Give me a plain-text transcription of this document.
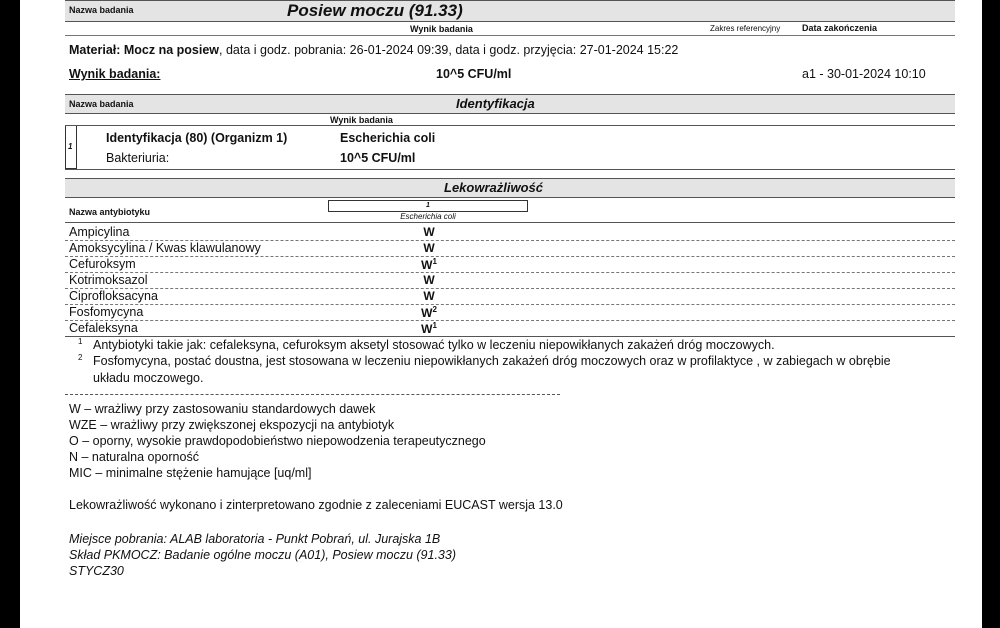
Nazwa badania	Posiew moczu (91.33)
Wynik badania	Zakres referencyjny Data zakończenia
Materiał: Mocz na posiew, data i godz. pobrania: 26-01-2024 09:39, data i godz. przyjęcia: 27-01-2024 15:22
Wynik badania:	10^5 CFU/ml	a1 - 30-01-2024 10:10
Nazwa badania	Identyfikacja
Wynik badania
1
Identyfikacja (80) (Organizm 1)	Escherichia coli
Bakteriuria:	10^5 CFU/ml
Lekowrażliwość
Nazwa antybiotyku
1
Escherichia coli
Ampicylina	W
Amoksycylina / Kwas klawulanowy	W
Cefuroksym	$W^1$
Kotrimoksazol	W
Ciprofloksacyna	W
Fosfomycyna	$W^2$
Cefaleksyna	$W^1$
1 Antybiotyki takie jak: cefaleksyna, cefuroksym aksetyl stosować tylko w leczeniu niepowikłanych zakażeń dróg moczowych.
2 Fosfomycyna, postać doustna, jest stosowana w leczeniu niepowikłanych zakażeń dróg moczowych oraz w profilaktyce , w zabiegach w obrębie
układu moczowego.
W – wrażliwy przy zastosowaniu standardowych dawek
WZE – wrażliwy przy zwiększonej ekspozycji na antybiotyk
O – oporny, wysokie prawdopodobieństwo niepowodzenia terapeutycznego
N – naturalna oporność
MIC – minimalne stężenie hamujące [uq/ml]
Lekowrażliwość wykonano i zinterpretowano zgodnie z zaleceniami EUCAST wersja 13.0
Miejsce pobrania: ALAB laboratoria - Punkt Pobrań, ul. Jurajska 1B
Skład PKMOCZ: Badanie ogólne moczu (A01), Posiew moczu (91.33)
STYCZ30
